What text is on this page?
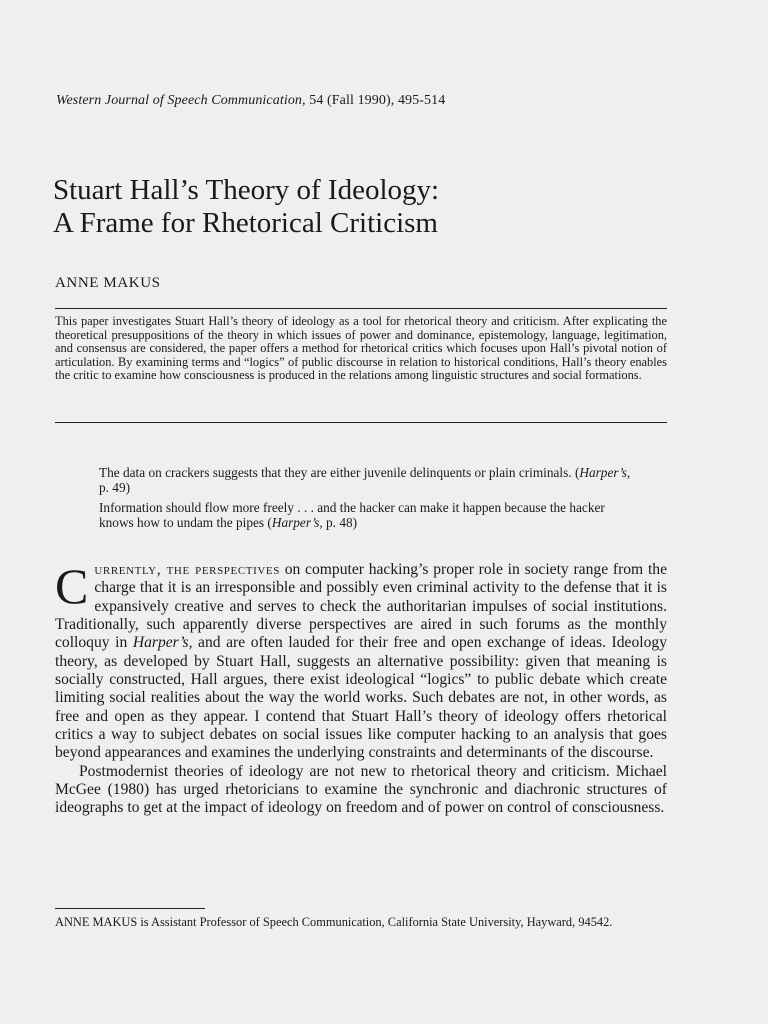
Western Journal of Speech Communication, 54 (Fall 1990), 495-514
Stuart Hall’s Theory of Ideology:
A Frame for Rhetorical Criticism
ANNE MAKUS

This paper investigates Stuart Hall’s theory of ideology as a tool for rhetorical theory and criticism. After explicating the theoretical presuppositions of the theory in which issues of power and dominance, epistemology, language, legitimation, and consensus are considered, the paper offers a method for rhetorical critics which focuses upon Hall’s pivotal notion of articulation. By examining terms and “logics” of public discourse in relation to historical conditions, Hall’s theory enables the critic to examine how consciousness is produced in the relations among linguistic structures and social formations.

The data on crackers suggests that they are either juvenile delinquents or plain criminals. (Harper’s, p. 49)

Information should flow more freely . . . and the hacker can make it happen because the hacker knows how to undam the pipes (Harper’s, p. 48)

Currently, the perspectives on computer hacking’s proper role in society range from the charge that it is an irresponsible and possibly even criminal activity to the defense that it is expansively creative and serves to check the authoritarian impulses of social institutions. Traditionally, such apparently diverse perspectives are aired in such forums as the monthly colloquy in Harper’s, and are often lauded for their free and open exchange of ideas. Ideology theory, as developed by Stuart Hall, suggests an alternative possibility: given that meaning is socially constructed, Hall argues, there exist ideological “logics” to public debate which create limiting social realities about the way the world works. Such debates are not, in other words, as free and open as they appear. I contend that Stuart Hall’s theory of ideology offers rhetorical critics a way to subject debates on social issues like computer hacking to an analysis that goes beyond appearances and examines the underlying constraints and determinants of the discourse.

Postmodernist theories of ideology are not new to rhetorical theory and criticism. Michael McGee (1980) has urged rhetoricians to examine the synchronic and diachronic structures of ideographs to get at the impact of ideology on freedom and of power on control of consciousness.

ANNE MAKUS is Assistant Professor of Speech Communication, California State University, Hayward, 94542.
